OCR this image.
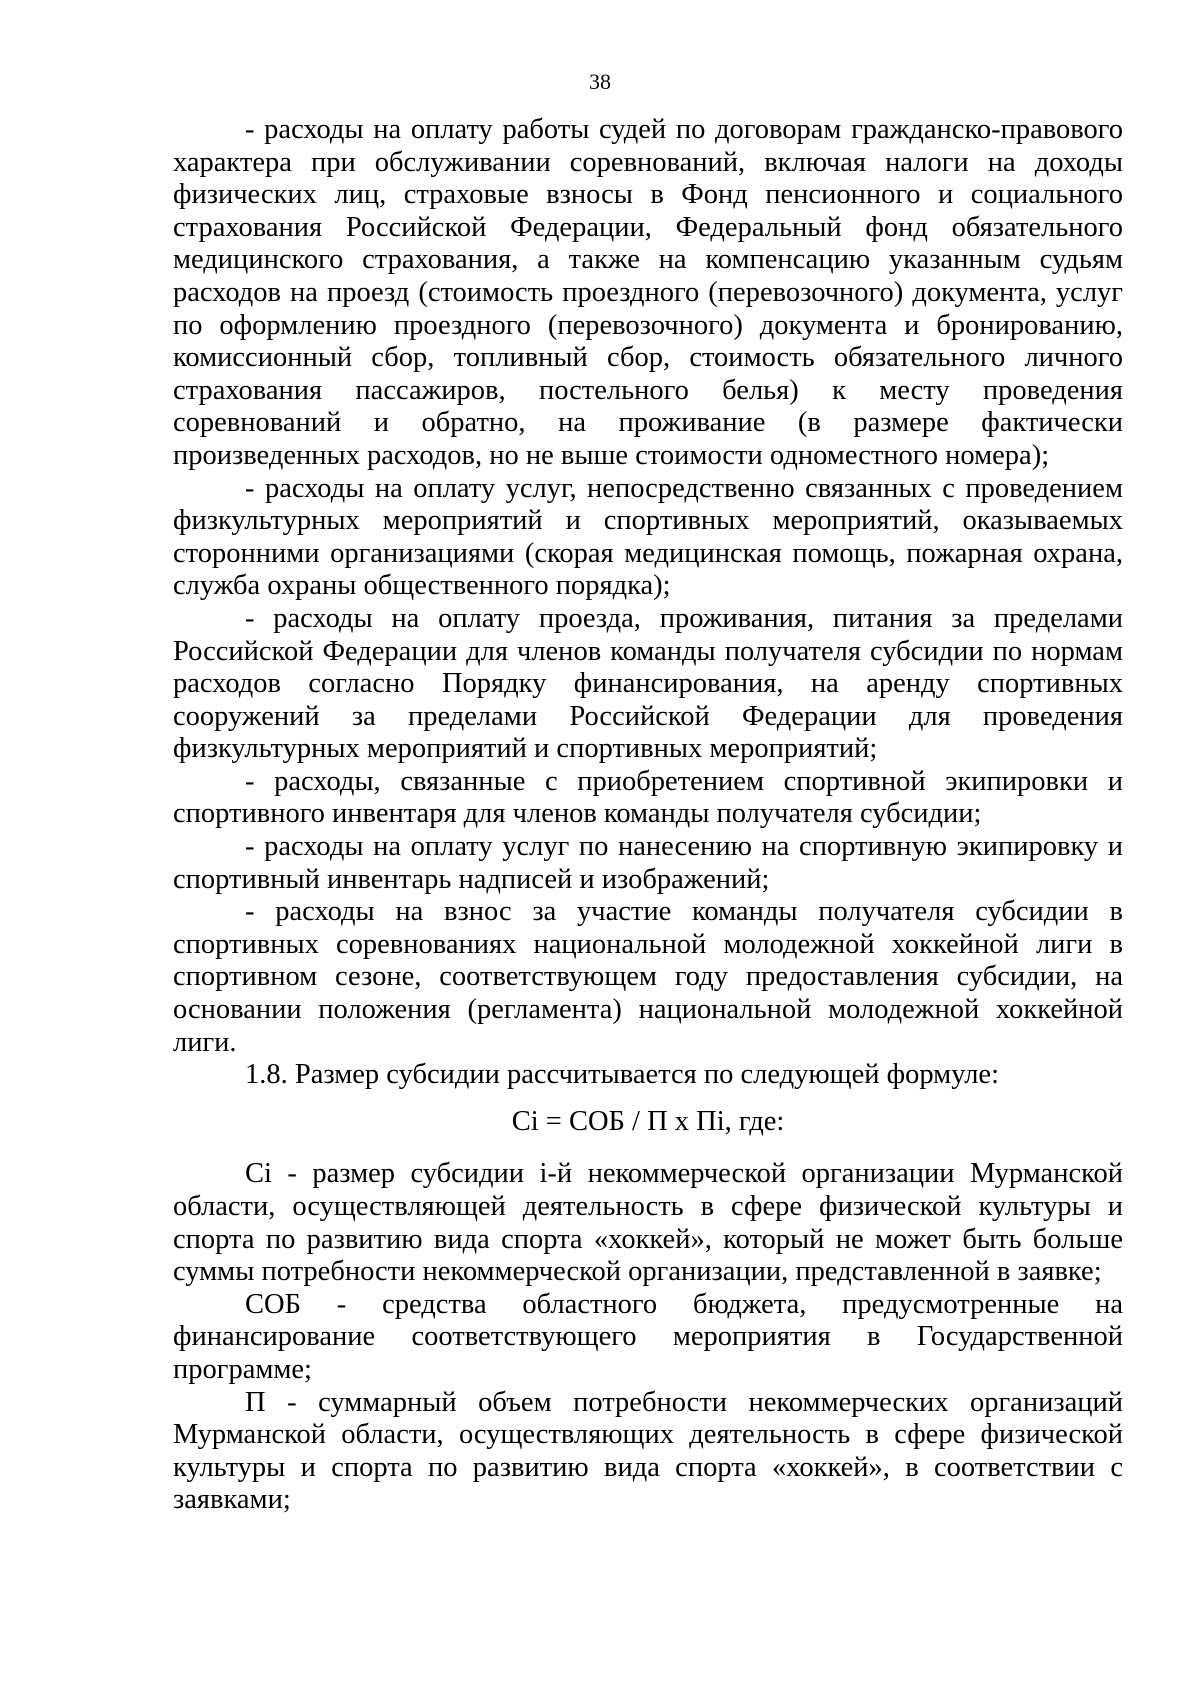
38

- расходы на оплату работы судей по договорам гражданско-правового характера при обслуживании соревнований, включая налоги на доходы физических лиц, страховые взносы в Фонд пенсионного и социального страхования Российской Федерации, Федеральный фонд обязательного медицинского страхования, а также на компенсацию указанным судьям расходов на проезд (стоимость проездного (перевозочного) документа, услуг по оформлению проездного (перевозочного) документа и бронированию, комиссионный сбор, топливный сбор, стоимость обязательного личного страхования пассажиров, постельного белья) к месту проведения соревнований и обратно, на проживание (в размере фактически произведенных расходов, но не выше стоимости одноместного номера);

- расходы на оплату услуг, непосредственно связанных с проведением физкультурных мероприятий и спортивных мероприятий, оказываемых сторонними организациями (скорая медицинская помощь, пожарная охрана, служба охраны общественного порядка);

- расходы на оплату проезда, проживания, питания за пределами Российской Федерации для членов команды получателя субсидии по нормам расходов согласно Порядку финансирования, на аренду спортивных сооружений за пределами Российской Федерации для проведения физкультурных мероприятий и спортивных мероприятий;

- расходы, связанные с приобретением спортивной экипировки и спортивного инвентаря для членов команды получателя субсидии;

- расходы на оплату услуг по нанесению на спортивную экипировку и спортивный инвентарь надписей и изображений;

- расходы на взнос за участие команды получателя субсидии в спортивных соревнованиях национальной молодежной хоккейной лиги в спортивном сезоне, соответствующем году предоставления субсидии, на основании положения (регламента) национальной молодежной хоккейной лиги.

1.8. Размер субсидии рассчитывается по следующей формуле:

Ci = СОБ / П х Пi, где:

Ci - размер субсидии i-й некоммерческой организации Мурманской области, осуществляющей деятельность в сфере физической культуры и спорта по развитию вида спорта «хоккей», который не может быть больше суммы потребности некоммерческой организации, представленной в заявке;

СОБ - средства областного бюджета, предусмотренные на финансирование соответствующего мероприятия в Государственной программе;

П - суммарный объем потребности некоммерческих организаций Мурманской области, осуществляющих деятельность в сфере физической культуры и спорта по развитию вида спорта «хоккей», в соответствии с заявками;
